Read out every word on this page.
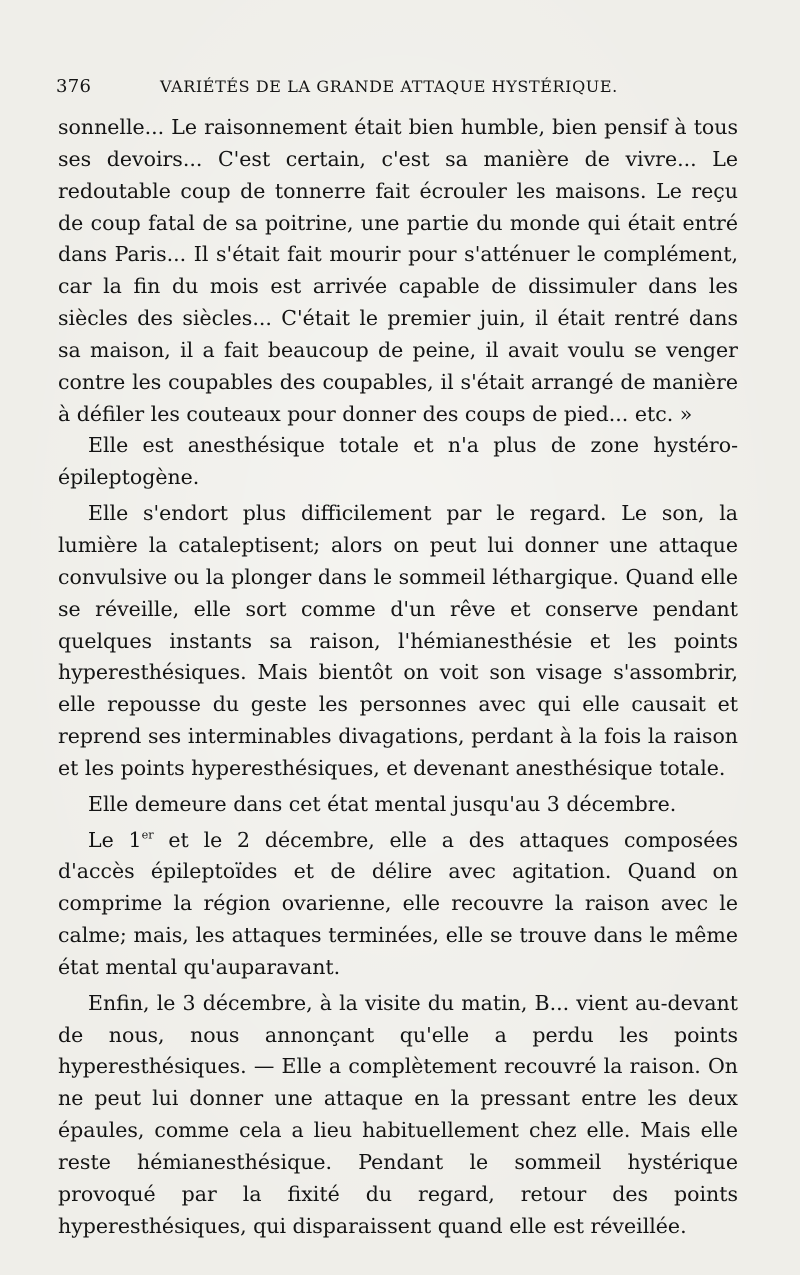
376	VARIÉTÉS DE LA GRANDE ATTAQUE HYSTÉRIQUE.

sonnelle... Le raisonnement était bien humble, bien pensif à tous ses devoirs... C'est certain, c'est sa manière de vivre... Le redoutable coup de tonnerre fait écrouler les maisons. Le reçu de coup fatal de sa poitrine, une partie du monde qui était entré dans Paris... Il s'était fait mourir pour s'atténuer le complément, car la fin du mois est arrivée capable de dissimuler dans les siècles des siècles... C'était le premier juin, il était rentré dans sa maison, il a fait beaucoup de peine, il avait voulu se venger contre les coupables des coupables, il s'était arrangé de manière à défiler les couteaux pour donner des coups de pied... etc. »

Elle est anesthésique totale et n'a plus de zone hystéro-épileptogène.

Elle s'endort plus difficilement par le regard. Le son, la lumière la cataleptisent; alors on peut lui donner une attaque convulsive ou la plonger dans le sommeil léthargique. Quand elle se réveille, elle sort comme d'un rêve et conserve pendant quelques instants sa raison, l'hémianesthésie et les points hyperesthésiques. Mais bientôt on voit son visage s'assombrir, elle repousse du geste les personnes avec qui elle causait et reprend ses interminables divagations, perdant à la fois la raison et les points hyperesthésiques, et devenant anesthésique totale.

Elle demeure dans cet état mental jusqu'au 3 décembre.

Le 1er et le 2 décembre, elle a des attaques composées d'accès épileptoïdes et de délire avec agitation. Quand on comprime la région ovarienne, elle recouvre la raison avec le calme; mais, les attaques terminées, elle se trouve dans le même état mental qu'auparavant.

Enfin, le 3 décembre, à la visite du matin, B... vient au-devant de nous, nous annonçant qu'elle a perdu les points hyperesthésiques. — Elle a complètement recouvré la raison. On ne peut lui donner une attaque en la pressant entre les deux épaules, comme cela a lieu habituellement chez elle. Mais elle reste hémianesthésique. Pendant le sommeil hystérique provoqué par la fixité du regard, retour des points hyperesthésiques, qui disparaissent quand elle est réveillée.
